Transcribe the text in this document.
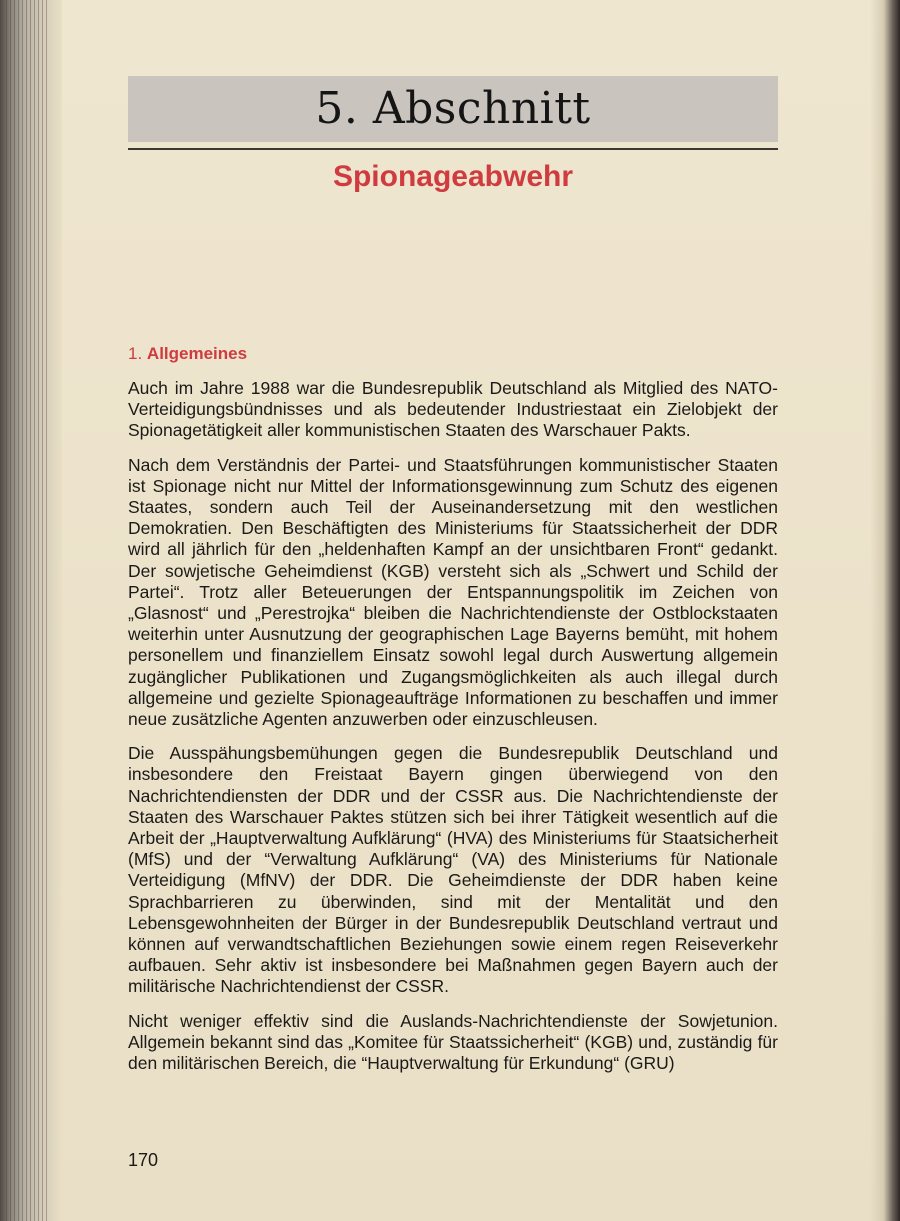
5. Abschnitt
Spionageabwehr
1. Allgemeines

Auch im Jahre 1988 war die Bundesrepublik Deutschland als Mitglied des NATO-Verteidigungsbündnisses und als bedeutender Industriestaat ein Zielobjekt der Spionagetätigkeit aller kommunistischen Staaten des Warschauer Pakts.

Nach dem Verständnis der Partei- und Staatsführungen kommunistischer Staaten ist Spionage nicht nur Mittel der Informationsgewinnung zum Schutz des eigenen Staates, sondern auch Teil der Auseinandersetzung mit den westlichen Demokratien. Den Beschäftigten des Ministeriums für Staatssicherheit der DDR wird all jährlich für den „heldenhaften Kampf an der unsichtbaren Front“ gedankt. Der sowjetische Geheimdienst (KGB) versteht sich als „Schwert und Schild der Partei“. Trotz aller Beteuerungen der Entspannungspolitik im Zeichen von „Glasnost“ und „Perestrojka“ bleiben die Nachrichtendienste der Ostblockstaaten weiterhin unter Ausnutzung der geographischen Lage Bayerns bemüht, mit hohem personellem und finanziellem Einsatz sowohl legal durch Auswertung allgemein zugänglicher Publikationen und Zugangsmöglichkeiten als auch illegal durch allgemeine und gezielte Spionageaufträge Informationen zu beschaffen und immer neue zusätzliche Agenten anzuwerben oder einzuschleusen.

Die Ausspähungsbemühungen gegen die Bundesrepublik Deutschland und insbesondere den Freistaat Bayern gingen überwiegend von den Nachrichtendiensten der DDR und der CSSR aus. Die Nachrichtendienste der Staaten des Warschauer Paktes stützen sich bei ihrer Tätigkeit wesentlich auf die Arbeit der „Hauptverwaltung Aufklärung“ (HVA) des Ministeriums für Staatsicherheit (MfS) und der “Verwaltung Aufklärung“ (VA) des Ministeriums für Nationale Verteidigung (MfNV) der DDR. Die Geheimdienste der DDR haben keine Sprachbarrieren zu überwinden, sind mit der Mentalität und den Lebensgewohnheiten der Bürger in der Bundesrepublik Deutschland vertraut und können auf verwandtschaftlichen Beziehungen sowie einem regen Reiseverkehr aufbauen. Sehr aktiv ist insbesondere bei Maßnahmen gegen Bayern auch der militärische Nachrichtendienst der CSSR.

Nicht weniger effektiv sind die Auslands-Nachrichtendienste der Sowjetunion. Allgemein bekannt sind das „Komitee für Staatssicherheit“ (KGB) und, zuständig für den militärischen Bereich, die “Hauptverwaltung für Erkundung“ (GRU)

170
